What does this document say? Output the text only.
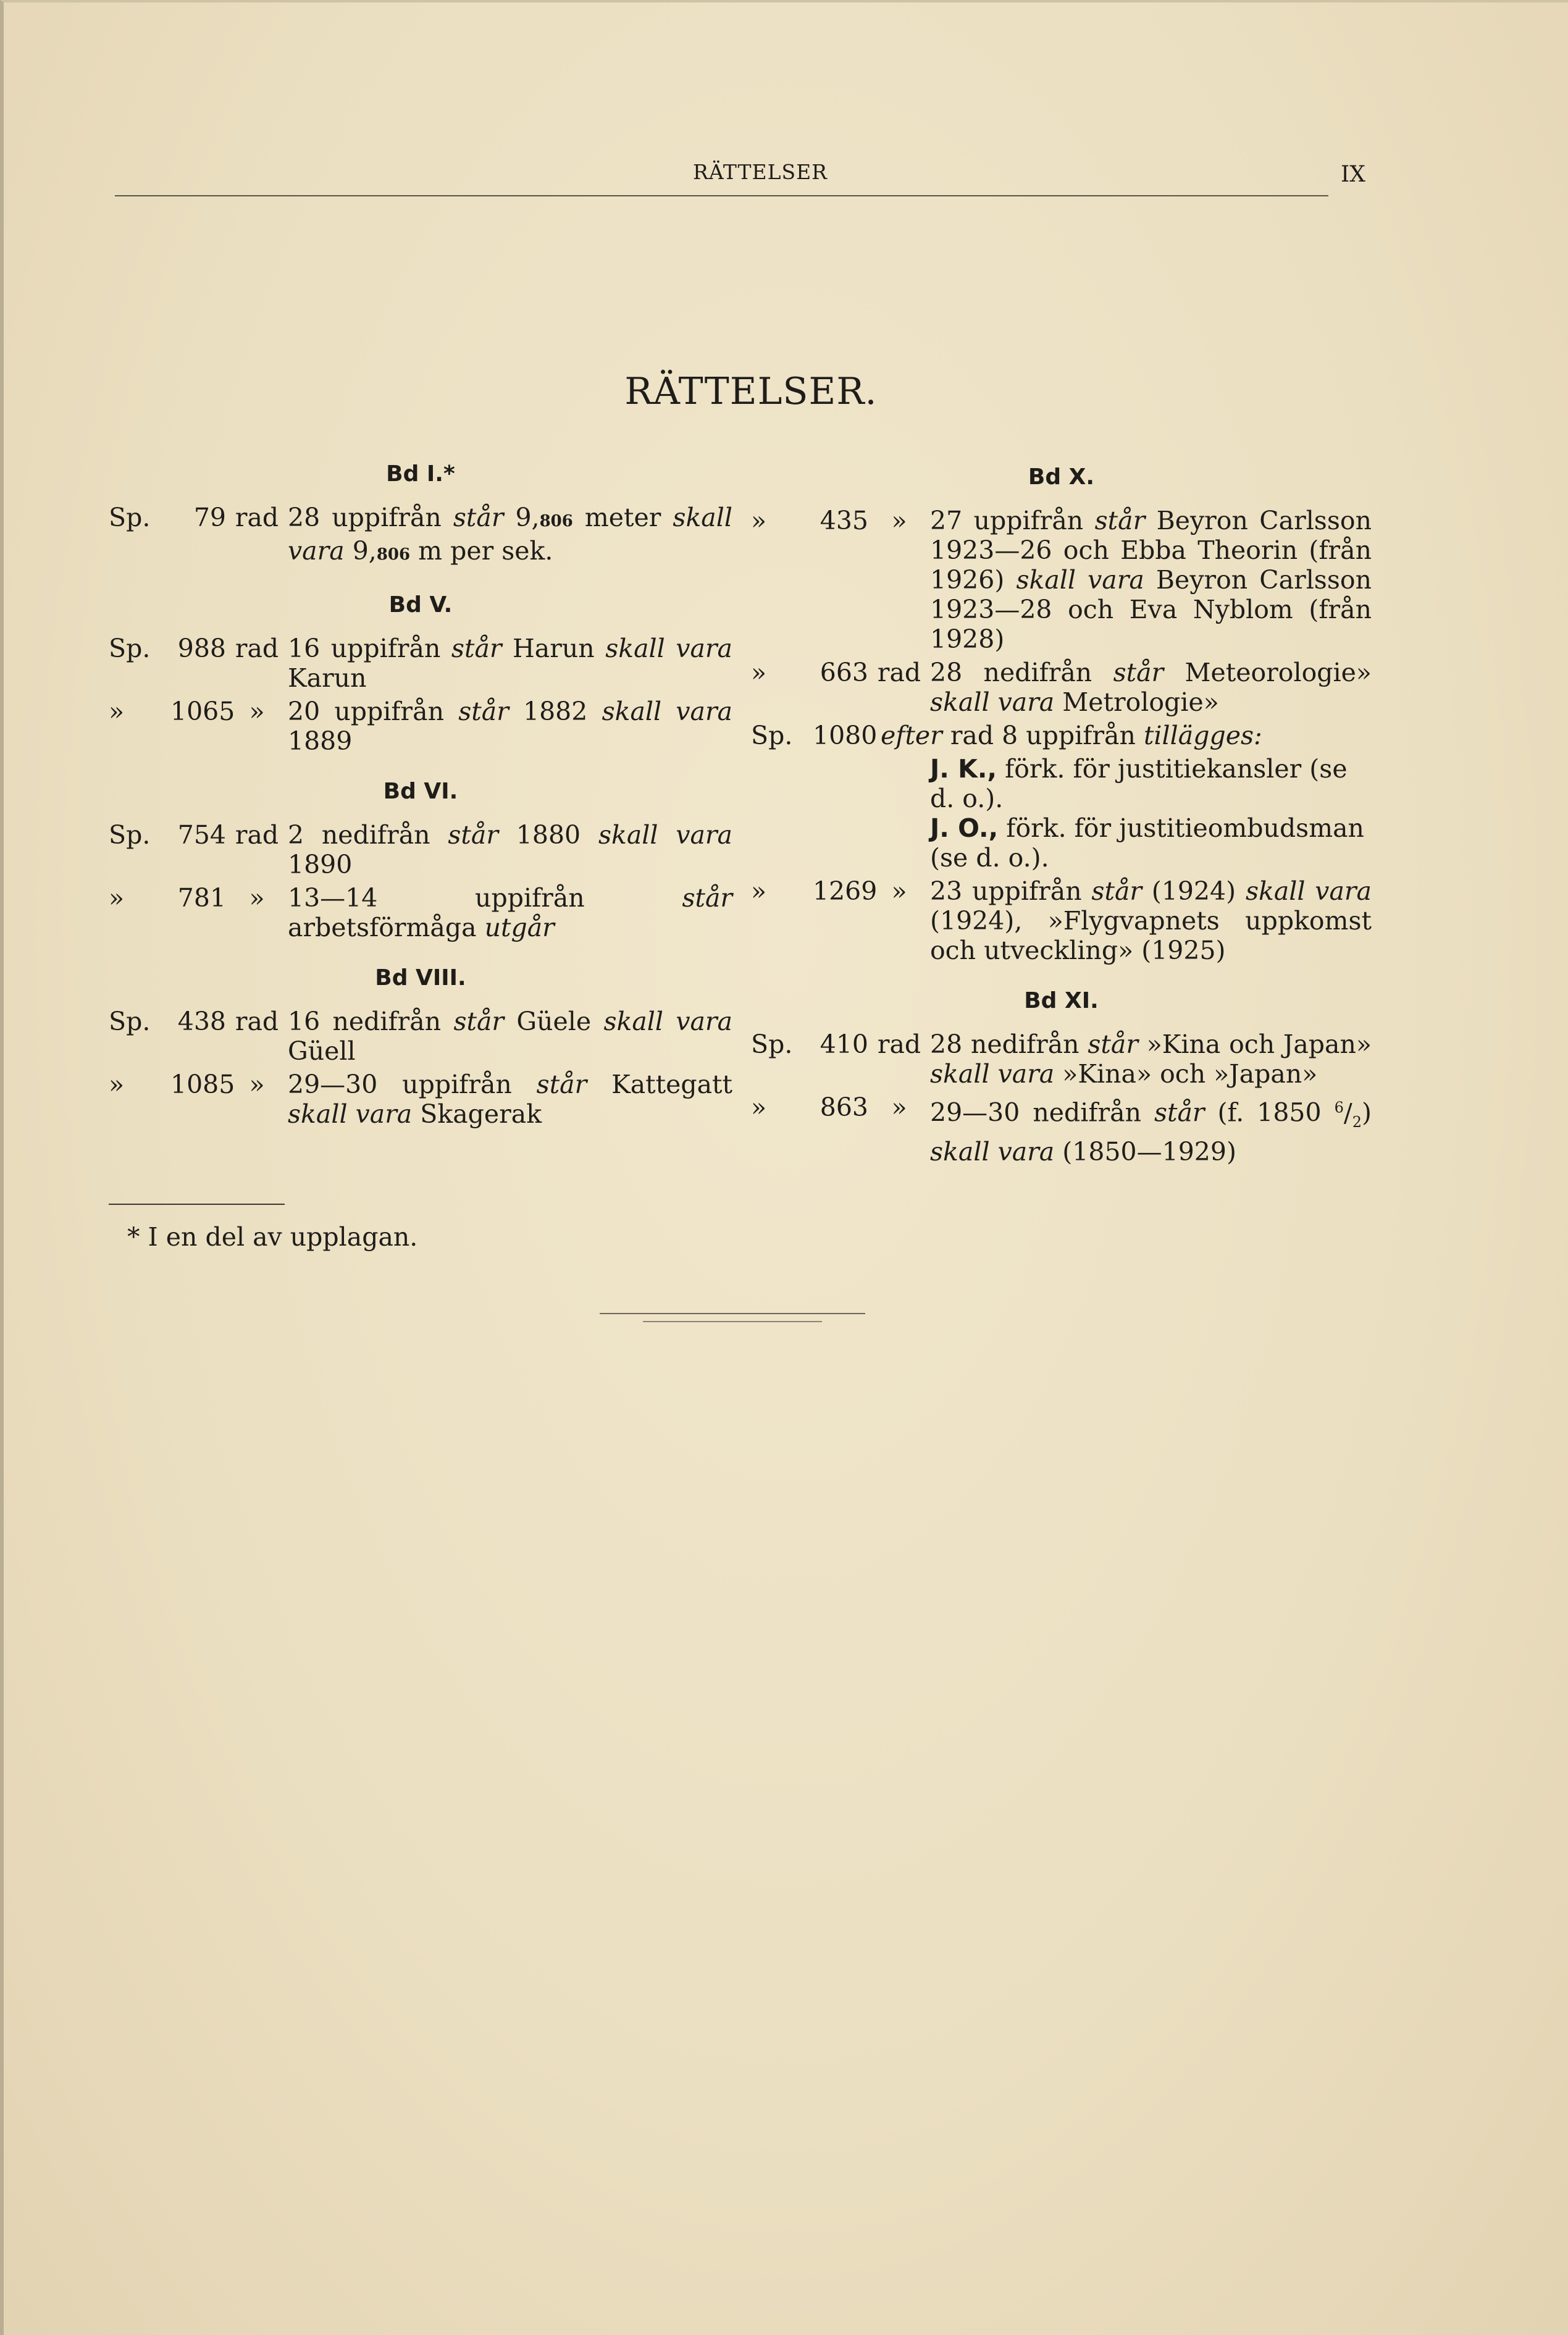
RÄTTELSER	IX
RÄTTELSER.
Bd I.*
Sp.	79 rad 28 uppifrån står 9,806 meter skall vara 9,806 m per sek.
Bd V.
Sp.	988 rad 16 uppifrån står Harun skall vara Karun
»	1065 » 20 uppifrån står 1882 skall vara 1889
Bd VI.
Sp.	754 rad 2 nedifrån står 1880 skall vara 1890
»	781 » 13—14 uppifrån	står arbetsförmåga utgår
Bd VIII.
Sp.	438 rad 16 nedifrån står Güele skall vara Güell
»	1085 » 29—30 uppifrån står Kattegatt skall vara Skagerak
Bd X.
»	435 » 27 uppifrån står Beyron Carlsson 1923—26 och Ebba Theorin (från 1926) skall vara Beyron Carlsson 1923—28 och Eva Nyblom (från 1928)
»	663 rad 28 nedifrån står Meteorologie» skall vara Metrologie»
Sp. 1080 efter rad 8 uppifrån tillägges:
J. K., förk. för justitiekansler (se d. o.).
J. O., förk. för justitieombudsman (se d. o.).
»	1269 » 23 uppifrån står (1924) skall vara (1924), »Flygvapnets uppkomst och utveckling» (1925)
Bd XI.
Sp.	410 rad 28 nedifrån står »Kina och Japan» skall vara »Kina» och »Japan»
»	863 » 29—30 nedifrån står (f. 1850 $^6/_2$) skall vara (1850—1929)
* I en del av upplagan.
